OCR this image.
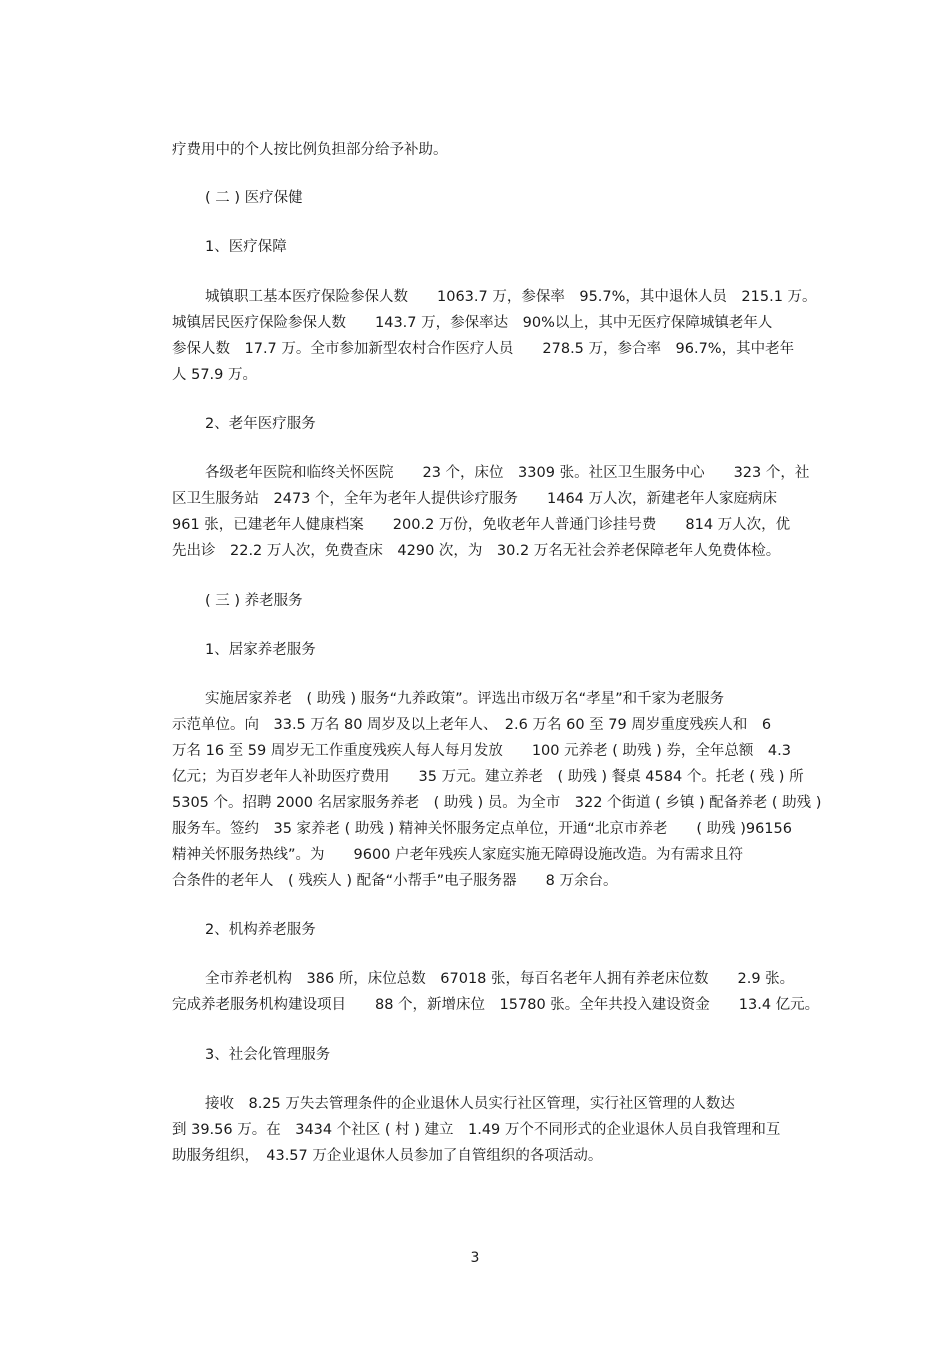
疗费用中的个人按比例负担部分给予补助。
( 二 ) 医疗保健
1、医疗保障
城镇职工基本医疗保险参保人数　　1063.7 万，参保率　95.7%，其中退休人员　215.1 万。
城镇居民医疗保险参保人数　　143.7 万，参保率达　90%以上，其中无医疗保障城镇老年人
参保人数　17.7 万。全市参加新型农村合作医疗人员　　278.5 万，参合率　96.7%，其中老年
人 57.9 万。
2、老年医疗服务
各级老年医院和临终关怀医院　　23 个，床位　3309 张。社区卫生服务中心　　323 个，社
区卫生服务站　2473 个，全年为老年人提供诊疗服务　　1464 万人次，新建老年人家庭病床
961 张，已建老年人健康档案　　200.2 万份，免收老年人普通门诊挂号费　　814 万人次，优
先出诊　22.2 万人次，免费查床　4290 次，为　30.2 万名无社会养老保障老年人免费体检。
( 三 ) 养老服务
1、居家养老服务
实施居家养老　( 助残 ) 服务“九养政策”。评选出市级万名“孝星”和千家为老服务
示范单位。向　33.5 万名 80 周岁及以上老年人、　2.6 万名 60 至 79 周岁重度残疾人和　6
万名 16 至 59 周岁无工作重度残疾人每人每月发放　　100 元养老 ( 助残 ) 券，全年总额　4.3
亿元；为百岁老年人补助医疗费用　　35 万元。建立养老　( 助残 ) 餐桌 4584 个。托老 ( 残 ) 所
5305 个。招聘 2000 名居家服务养老　( 助残 ) 员。为全市　322 个街道 ( 乡镇 ) 配备养老 ( 助残 )
服务车。签约　35 家养老 ( 助残 ) 精神关怀服务定点单位，开通“北京市养老　　( 助残 )96156
精神关怀服务热线”。为　　9600 户老年残疾人家庭实施无障碍设施改造。为有需求且符
合条件的老年人　( 残疾人 ) 配备“小帮手”电子服务器　　8 万余台。
2、机构养老服务
全市养老机构　386 所，床位总数　67018 张，每百名老年人拥有养老床位数　　2.9 张。
完成养老服务机构建设项目　　88 个，新增床位　15780 张。全年共投入建设资金　　13.4 亿元。
3、社会化管理服务
接收　8.25 万失去管理条件的企业退休人员实行社区管理，实行社区管理的人数达
到 39.56 万。在　3434 个社区 ( 村 ) 建立　1.49 万个不同形式的企业退休人员自我管理和互
助服务组织，　43.57 万企业退休人员参加了自管组织的各项活动。
3
